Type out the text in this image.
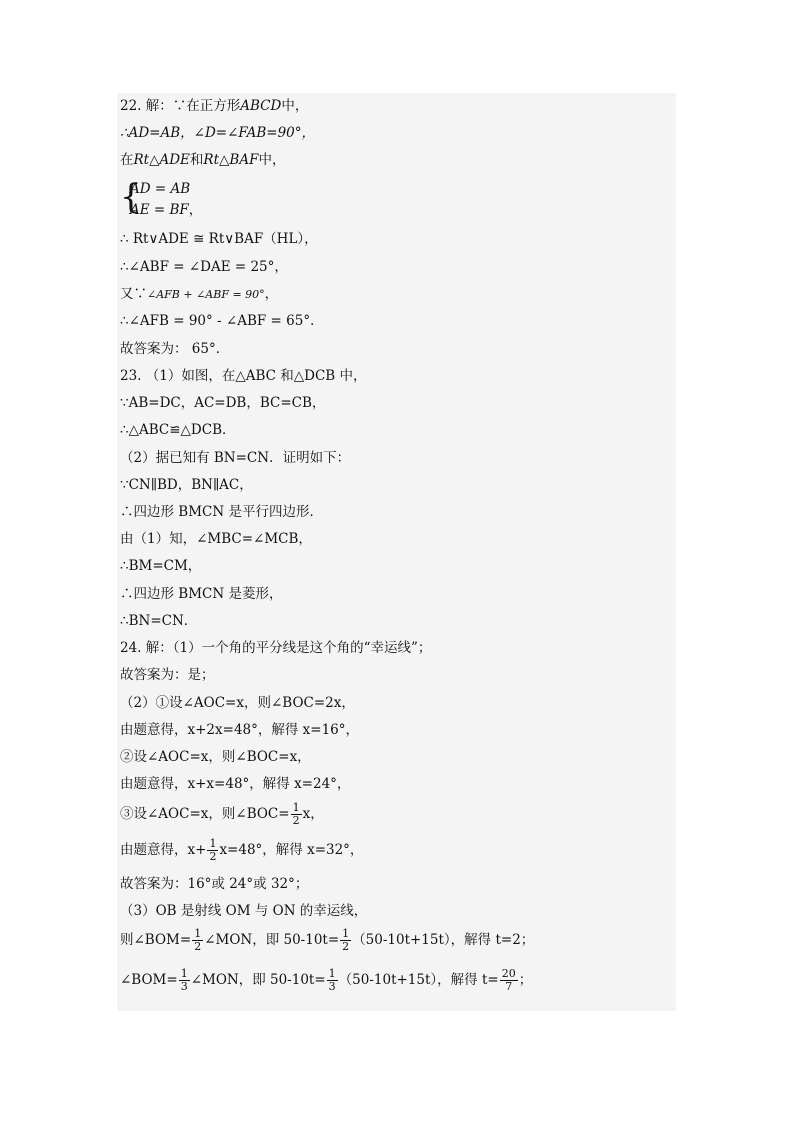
22. 解：∵在正方形ABCD中，
∴AD=AB，∠D=∠FAB=90°，
在Rt△ADE和Rt△BAF中，
{
AD = AB
AE = BF，
∴ Rt∨ADE ≅ Rt∨BAF（HL），
∴∠ABF = ∠DAE = 25°，
又∵∠AFB + ∠ABF = 90°，
∴∠AFB = 90° - ∠ABF = 65°．
故答案为： 65°．
23. （1）如图，在△ABC 和△DCB 中，
∵AB=DC，AC=DB，BC=CB，
∴△ABC≌△DCB．
（2）据已知有 BN=CN．证明如下：
∵CN∥BD，BN∥AC，
∴四边形 BMCN 是平行四边形．
由（1）知，∠MBC=∠MCB，
∴BM=CM，
∴四边形 BMCN 是菱形，
∴BN=CN．
24. 解：（1）一个角的平分线是这个角的“幸运线”；
故答案为：是；
（2）①设∠AOC=x，则∠BOC=2x，
由题意得，x+2x=48°，解得 x=16°，
②设∠AOC=x，则∠BOC=x，
由题意得，x+x=48°，解得 x=24°，
③设∠AOC=x，则∠BOC= $\frac{1}{2}$ x，
由题意得，$x+ \frac{1}{2} x=48^\circ$，解得 x=32°，
故答案为：16°或 24°或 32°；
（3）OB 是射线 OM 与 ON 的幸运线，
则∠BOM= $\frac{1}{2}$ ∠MON，即 $50-10t= \frac{1}{2} (50-10t+15t)$，解得 t=2；
∠BOM= $\frac{1}{3}$ ∠MON，即 $50-10t= \frac{1}{3} (50-10t+15t)$，解得 $t= \frac{20}{7}$ ；
